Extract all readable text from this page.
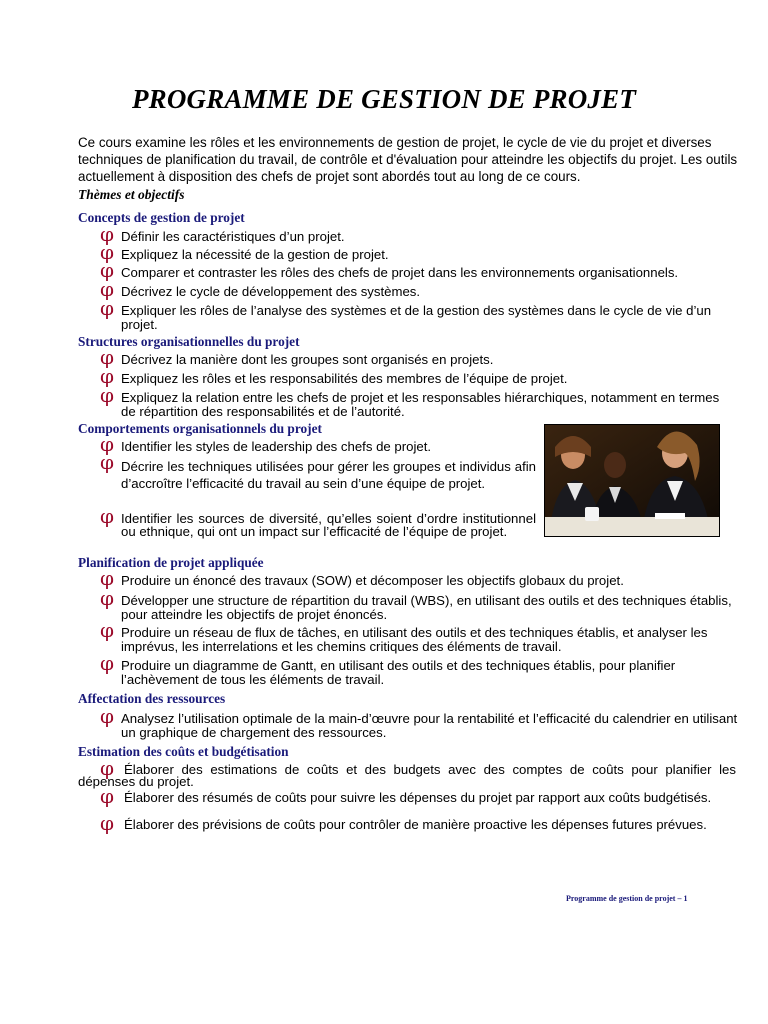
PROGRAMME DE GESTION DE PROJET

Ce cours examine les rôles et les environnements de gestion de projet, le cycle de vie du projet et diverses techniques de planification du travail, de contrôle et d'évaluation pour atteindre les objectifs du projet. Les outils actuellement à disposition des chefs de projet sont abordés tout au long de ce cours.

Thèmes et objectifs

Concepts de gestion de projet

φ Définir les caractéristiques d’un projet.
φ Expliquez la nécessité de la gestion de projet.
φ Comparer et contraster les rôles des chefs de projet dans les environnements organisationnels.
φ Décrivez le cycle de développement des systèmes.
φ Expliquer les rôles de l’analyse des systèmes et de la gestion des systèmes dans le cycle de vie d’un projet.

Structures organisationnelles du projet

φ Décrivez la manière dont les groupes sont organisés en projets.
φ Expliquez les rôles et les responsabilités des membres de l’équipe de projet.
φ Expliquez la relation entre les chefs de projet et les responsables hiérarchiques, notamment en termes de répartition des responsabilités et de l’autorité.

Comportements organisationnels du projet

φ Identifier les styles de leadership des chefs de projet.
φ Décrire les techniques utilisées pour gérer les groupes et individus afin d’accroître l’efficacité du travail au sein d’une équipe de projet.
φ Identifier les sources de diversité, qu’elles soient d’ordre institutionnel ou ethnique, qui ont un impact sur l’efficacité de l’équipe de projet.

Planification de projet appliquée

φ Produire un énoncé des travaux (SOW) et décomposer les objectifs globaux du projet.
φ Développer une structure de répartition du travail (WBS), en utilisant des outils et des techniques établis, pour atteindre les objectifs de projet énoncés.
φ Produire un réseau de flux de tâches, en utilisant des outils et des techniques établis, et analyser les imprévus, les interrelations et les chemins critiques des éléments de travail.
φ Produire un diagramme de Gantt, en utilisant des outils et des techniques établis, pour planifier l’achèvement de tous les éléments de travail.

Affectation des ressources

φ Analysez l’utilisation optimale de la main-d’œuvre pour la rentabilité et l’efficacité du calendrier en utilisant un graphique de chargement des ressources.

Estimation des coûts et budgétisation

φ Élaborer des estimations de coûts et des budgets avec des comptes de coûts pour planifier les dépenses du projet.
φ Élaborer des résumés de coûts pour suivre les dépenses du projet par rapport aux coûts budgétisés.
φ Élaborer des prévisions de coûts pour contrôler de manière proactive les dépenses futures prévues.

Programme de gestion de projet – 1
